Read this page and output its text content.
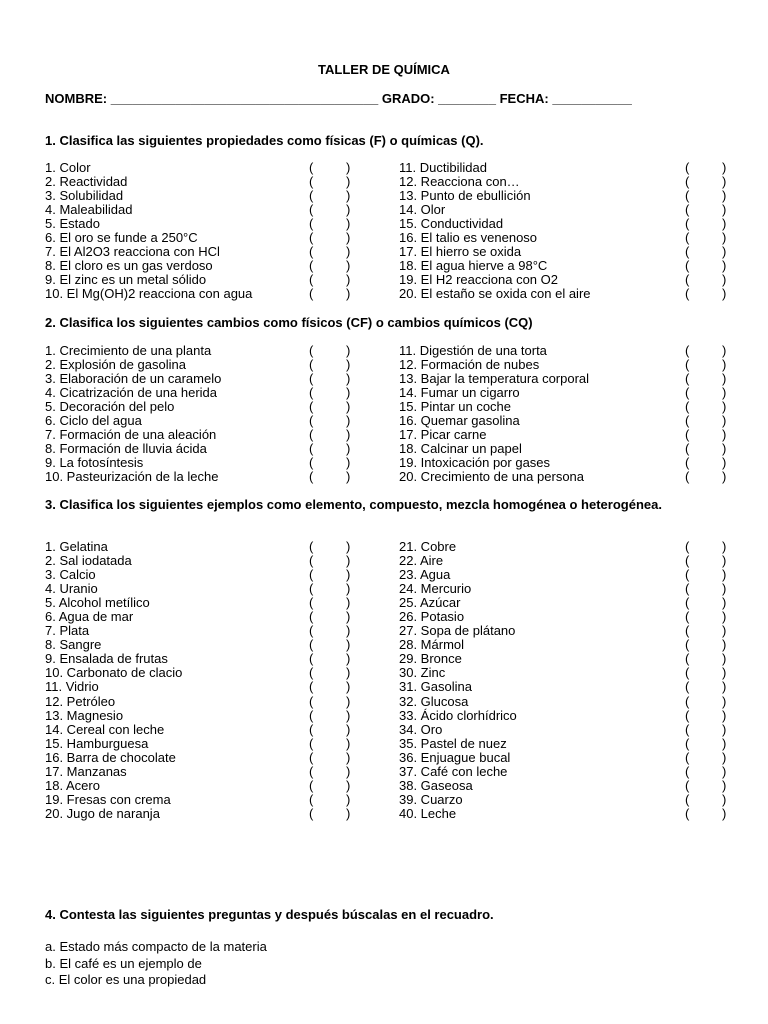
TALLER DE QUÍMICA
NOMBRE: _____________________________________ GRADO: ________ FECHA: ___________
1. Clasifica las siguientes propiedades como físicas (F) o químicas (Q).
1. Color	(	)
2. Reactividad	(	)
3. Solubilidad	(	)
4. Maleabilidad	(	)
5. Estado	(	)
6. El oro se funde a 250°C	(	)
7. El Al2O3 reacciona con HCl	(	)
8. El cloro es un gas verdoso	(	)
9. El zinc es un metal sólido	(	)
10. El Mg(OH)2 reacciona con agua	(	)
11. Ductibilidad	(	)
12. Reacciona con…	(	)
13. Punto de ebullición	(	)
14. Olor	(	)
15. Conductividad	(	)
16. El talio es venenoso	(	)
17. El hierro se oxida	(	)
18. El agua hierve a 98°C	(	)
19. El H2 reacciona con O2	(	)
20. El estaño se oxida con el aire	(	)
2. Clasifica los siguientes cambios como físicos (CF) o cambios químicos (CQ)
1. Crecimiento de una planta	(	)
2. Explosión de gasolina	(	)
3. Elaboración de un caramelo	(	)
4. Cicatrización de una herida	(	)
5. Decoración del pelo	(	)
6. Ciclo del agua	(	)
7. Formación de una aleación	(	)
8. Formación de lluvia ácida	(	)
9. La fotosíntesis	(	)
10. Pasteurización de la leche	(	)
11. Digestión de una torta	(	)
12. Formación de nubes	(	)
13. Bajar la temperatura corporal	(	)
14. Fumar un cigarro	(	)
15. Pintar un coche	(	)
16. Quemar gasolina	(	)
17. Picar carne	(	)
18. Calcinar un papel	(	)
19. Intoxicación por gases	(	)
20. Crecimiento de una persona	(	)
3. Clasifica los siguientes ejemplos como elemento, compuesto, mezcla homogénea o heterogénea.
1. Gelatina	(	)
2. Sal iodatada	(	)
3. Calcio	(	)
4. Uranio	(	)
5. Alcohol metílico	(	)
6. Agua de mar	(	)
7. Plata	(	)
8. Sangre	(	)
9. Ensalada de frutas	(	)
10. Carbonato de clacio	(	)
11. Vidrio	(	)
12. Petróleo	(	)
13. Magnesio	(	)
14. Cereal con leche	(	)
15. Hamburguesa	(	)
16. Barra de chocolate	(	)
17. Manzanas	(	)
18. Acero	(	)
19. Fresas con crema	(	)
20. Jugo de naranja	(	)
21. Cobre	(	)
22. Aire	(	)
23. Agua	(	)
24. Mercurio	(	)
25. Azúcar	(	)
26. Potasio	(	)
27. Sopa de plátano	(	)
28. Mármol	(	)
29. Bronce	(	)
30. Zinc	(	)
31. Gasolina	(	)
32. Glucosa	(	)
33. Ácido clorhídrico	(	)
34. Oro	(	)
35. Pastel de nuez	(	)
36. Enjuague bucal	(	)
37. Café con leche	(	)
38. Gaseosa	(	)
39. Cuarzo	(	)
40. Leche	(	)
4. Contesta las siguientes preguntas y después búscalas en el recuadro.
a. Estado más compacto de la materia
b. El café es un ejemplo de
c. El color es una propiedad
